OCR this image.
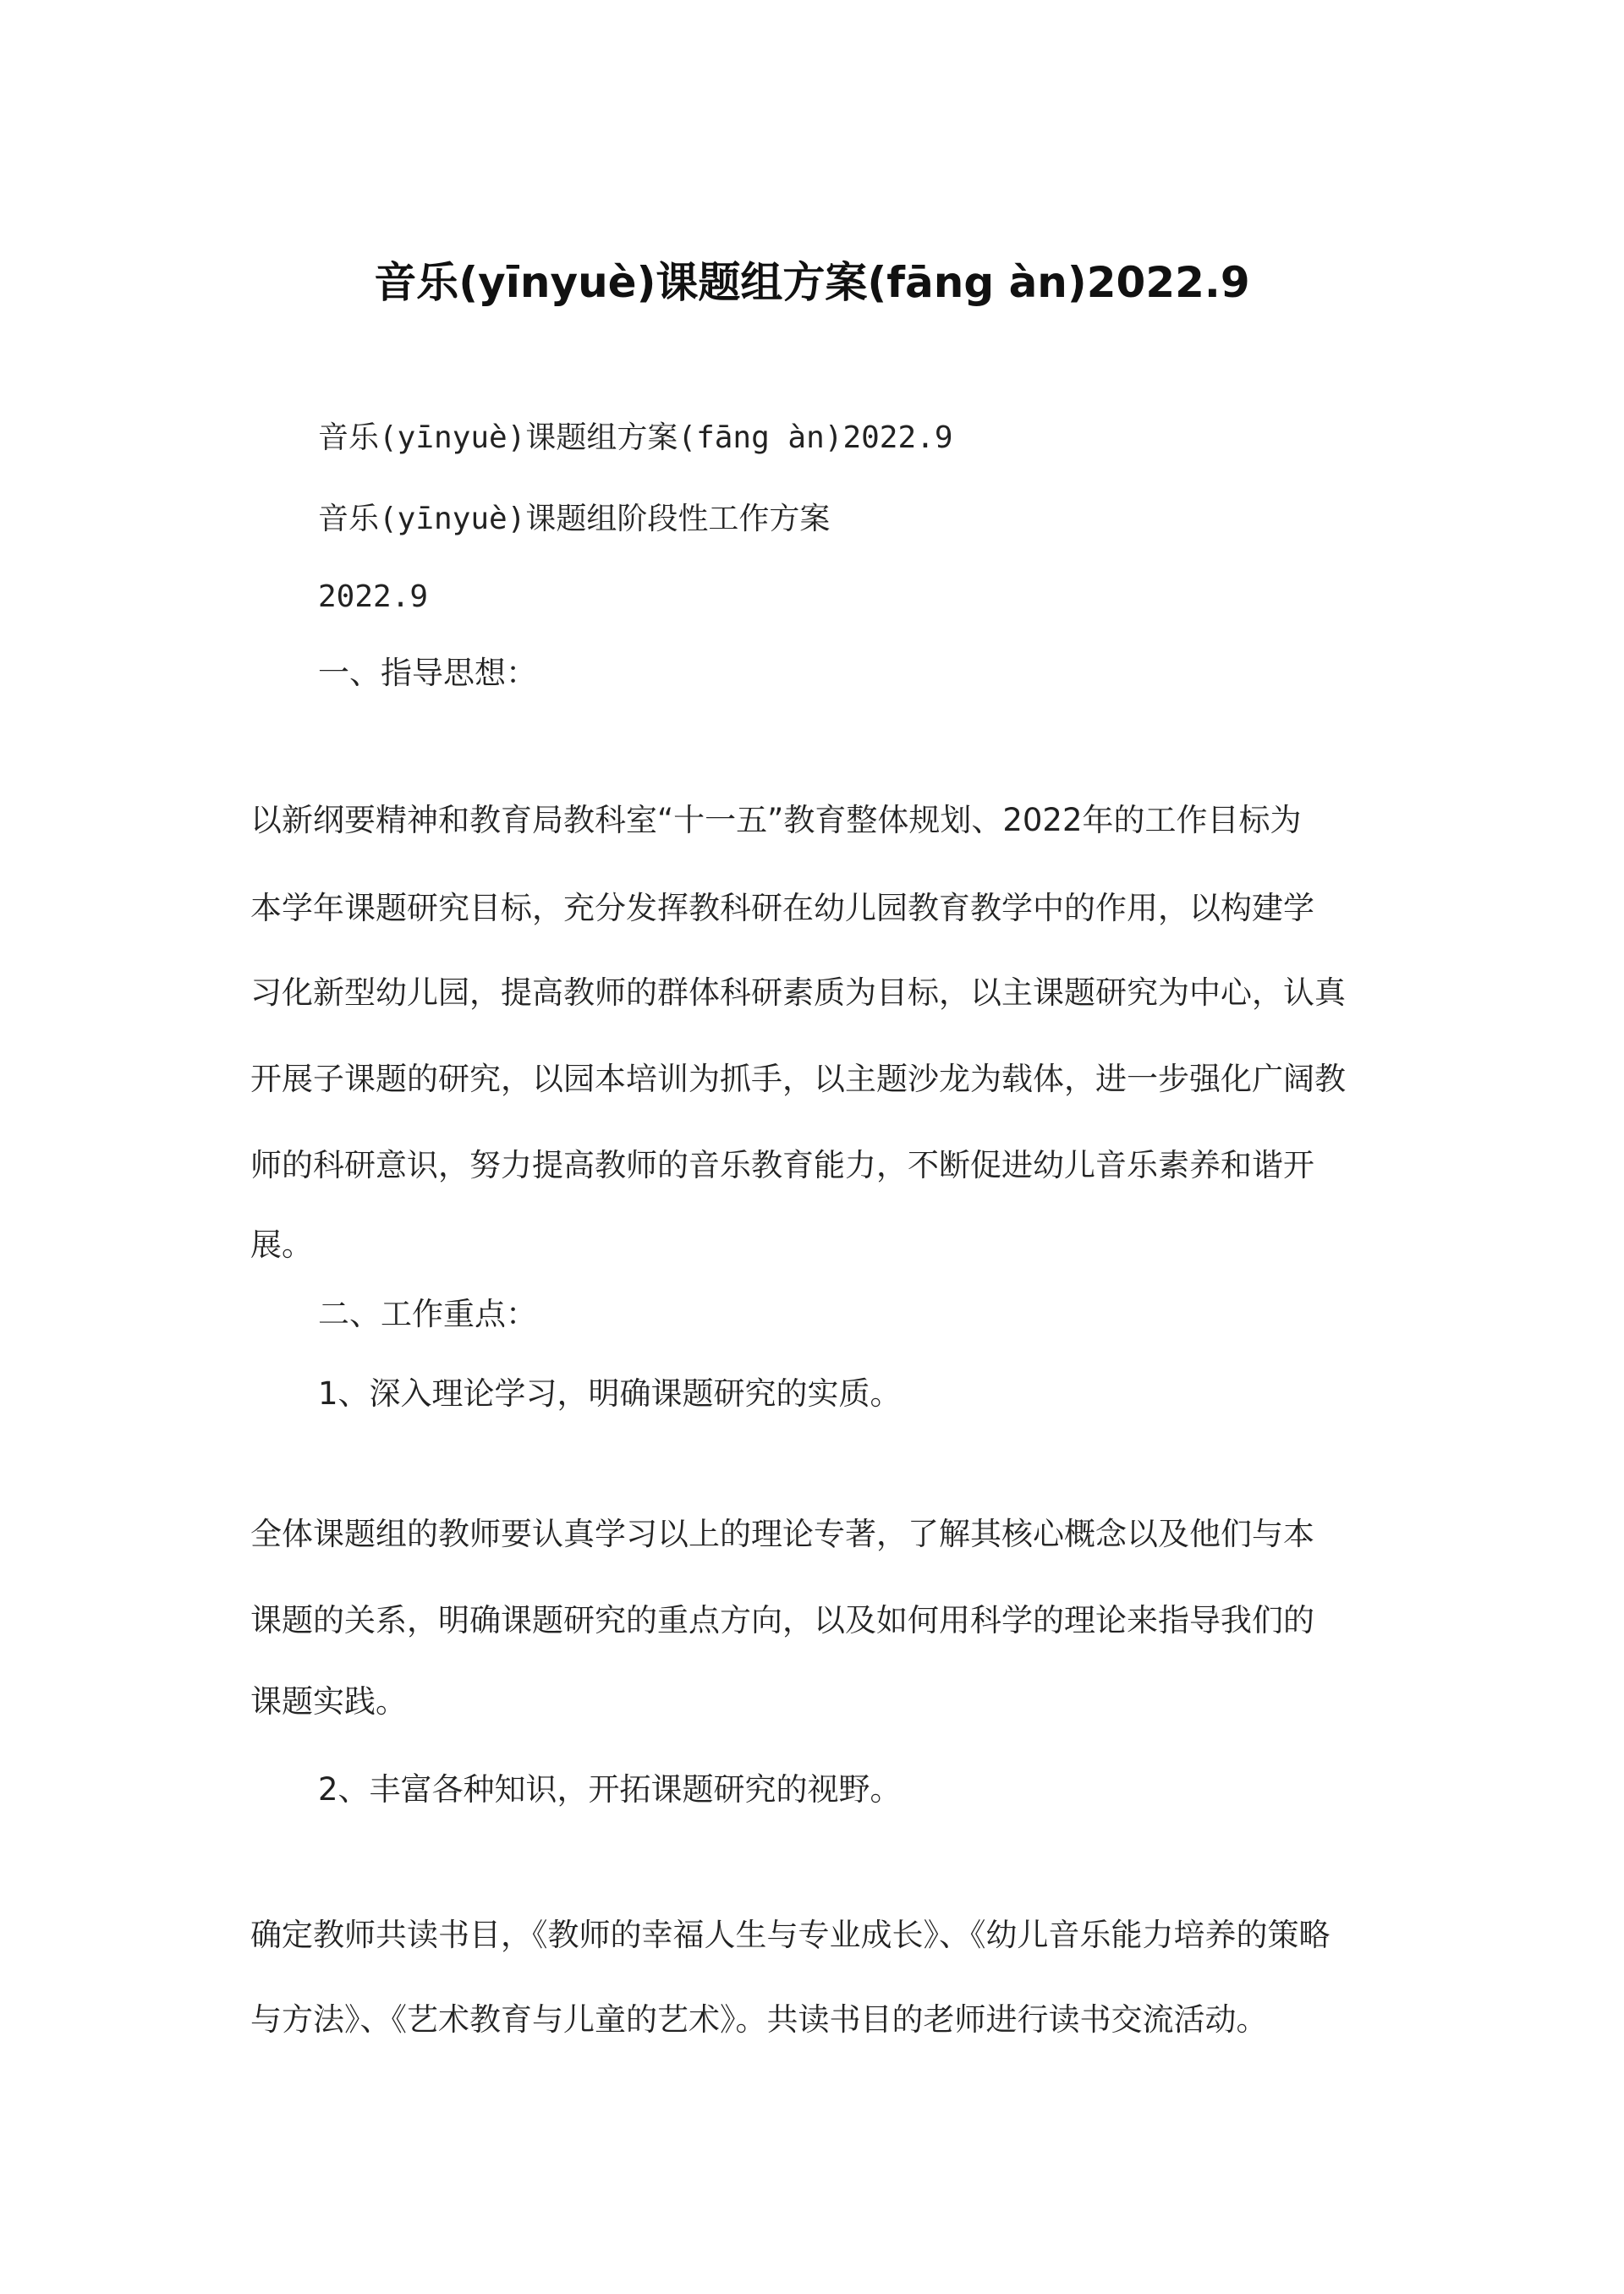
音乐(yīnyuè)课题组方案(fāng àn)2022.9

音乐(yīnyuè)课题组方案(fāng àn)2022.9

音乐(yīnyuè)课题组阶段性工作方案

2022.9

一、指导思想：

以新纲要精神和教育局教科室“十一五”教育整体规划、2022年的工作目标为

本学年课题研究目标，充分发挥教科研在幼儿园教育教学中的作用，以构建学

习化新型幼儿园，提高教师的群体科研素质为目标，以主课题研究为中心，认真

开展子课题的研究，以园本培训为抓手，以主题沙龙为载体，进一步强化广阔教

师的科研意识，努力提高教师的音乐教育能力，不断促进幼儿音乐素养和谐开

展。

二、工作重点：

1、深入理论学习，明确课题研究的实质。

全体课题组的教师要认真学习以上的理论专著，了解其核心概念以及他们与本

课题的关系，明确课题研究的重点方向，以及如何用科学的理论来指导我们的

课题实践。

2、丰富各种知识，开拓课题研究的视野。

确定教师共读书目，《教师的幸福人生与专业成长》、《幼儿音乐能力培养的策略

与方法》、《艺术教育与儿童的艺术》。共读书目的老师进行读书交流活动。
